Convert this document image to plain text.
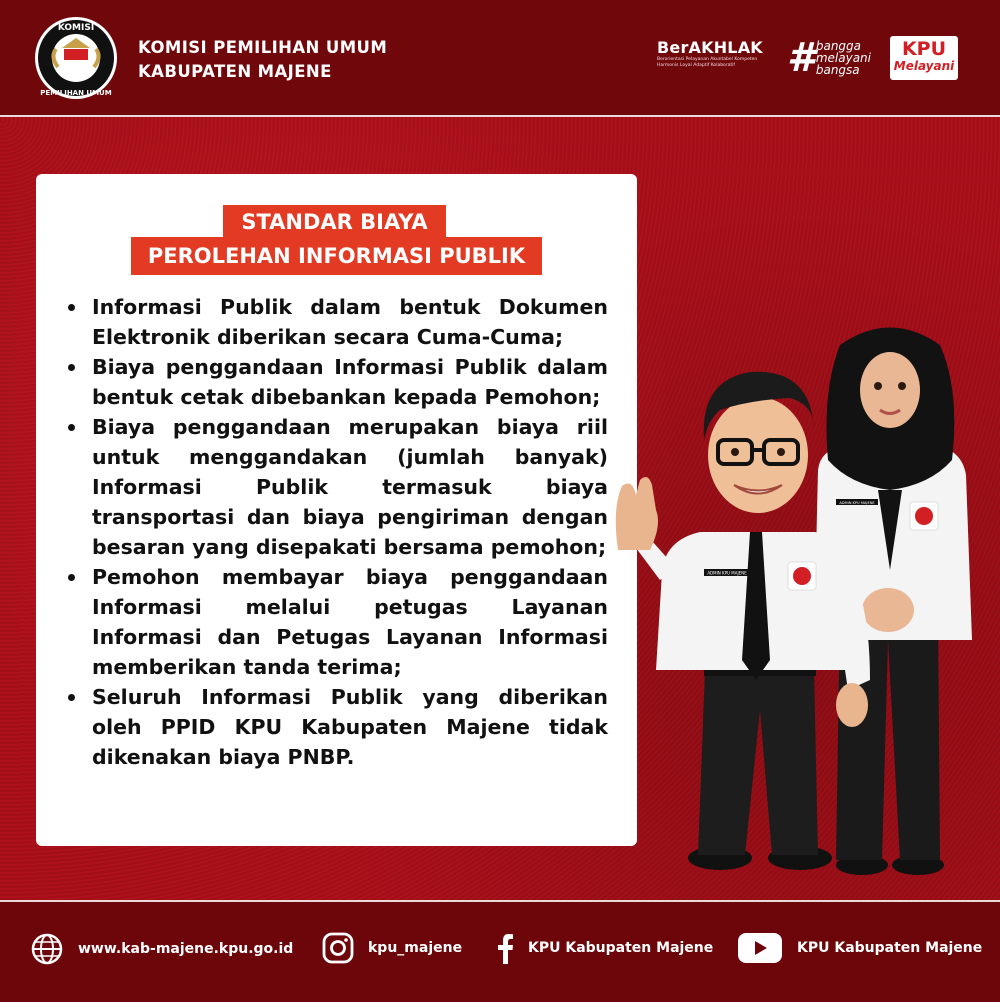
KOMISI
PEMILIHAN UMUM
KOMISI PEMILIHAN UMUM
KABUPATEN MAJENE
BerAKHLAK
Berorientasi Pelayanan Akuntabel Kompeten Harmonis Loyal Adaptif Kolaboratif	# bangga
melayani
bangsa
KPU
Melayani
STANDAR BIAYA
PEROLEHAN INFORMASI PUBLIK
Informasi Publik dalam bentuk Dokumen Elektronik diberikan secara Cuma-Cuma;
Biaya penggandaan Informasi Publik dalam bentuk cetak dibebankan kepada Pemohon;
Biaya penggandaan merupakan biaya riil untuk menggandakan (jumlah banyak) Informasi Publik termasuk biaya transportasi dan biaya pengiriman dengan besaran yang disepakati bersama pemohon;
Pemohon membayar biaya penggandaan Informasi melalui petugas Layanan Informasi dan Petugas Layanan Informasi memberikan tanda terima;
Seluruh Informasi Publik yang diberikan oleh PPID KPU Kabupaten Majene tidak dikenakan biaya PNBP.
ADMIN KPU MAJENE
ADMIN KPU MAJENE
www.kab-majene.kpu.go.id	kpu_majene	KPU Kabupaten Majene	KPU Kabupaten Majene
